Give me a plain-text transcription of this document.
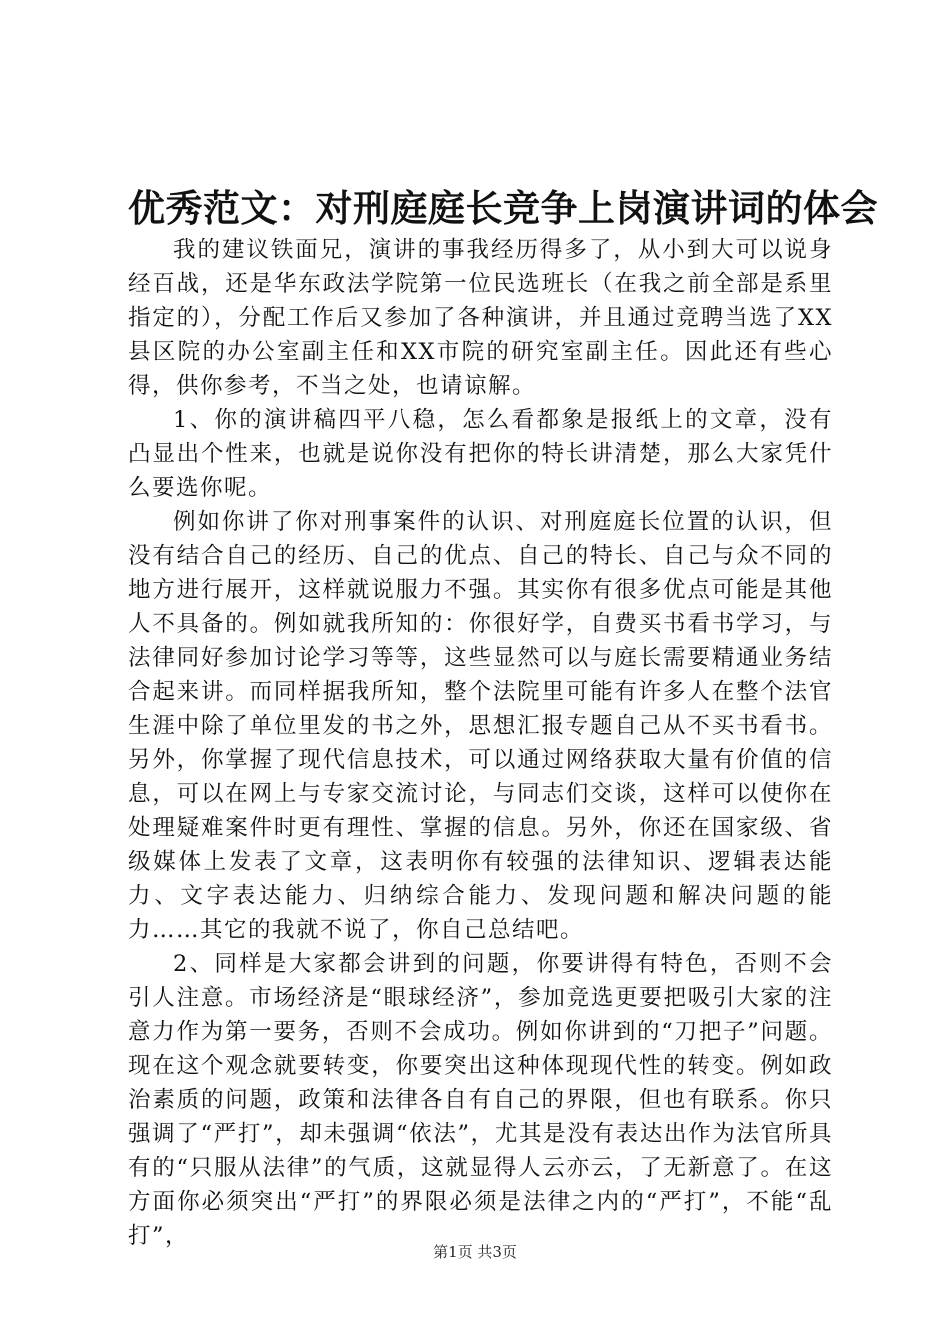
优秀范文：对刑庭庭长竞争上岗演讲词的体会

我的建议铁面兄，演讲的事我经历得多了，从小到大可以说身经百战，还是华东政法学院第一位民选班长（在我之前全部是系里指定的），分配工作后又参加了各种演讲，并且通过竞聘当选了XX县区院的办公室副主任和XX市院的研究室副主任。因此还有些心得，供你参考，不当之处，也请谅解。

1、你的演讲稿四平八稳，怎么看都象是报纸上的文章，没有凸显出个性来，也就是说你没有把你的特长讲清楚，那么大家凭什么要选你呢。

例如你讲了你对刑事案件的认识、对刑庭庭长位置的认识，但没有结合自己的经历、自己的优点、自己的特长、自己与众不同的地方进行展开，这样就说服力不强。其实你有很多优点可能是其他人不具备的。例如就我所知的：你很好学，自费买书看书学习，与法律同好参加讨论学习等等，这些显然可以与庭长需要精通业务结合起来讲。而同样据我所知，整个法院里可能有许多人在整个法官生涯中除了单位里发的书之外，思想汇报专题自己从不买书看书。另外，你掌握了现代信息技术，可以通过网络获取大量有价值的信息，可以在网上与专家交流讨论，与同志们交谈，这样可以使你在处理疑难案件时更有理性、掌握的信息。另外，你还在国家级、省级媒体上发表了文章，这表明你有较强的法律知识、逻辑表达能力、文字表达能力、归纳综合能力、发现问题和解决问题的能力……其它的我就不说了，你自己总结吧。

2、同样是大家都会讲到的问题，你要讲得有特色，否则不会引人注意。市场经济是“眼球经济”，参加竞选更要把吸引大家的注意力作为第一要务，否则不会成功。例如你讲到的“刀把子”问题。现在这个观念就要转变，你要突出这种体现现代性的转变。例如政治素质的问题，政策和法律各自有自己的界限，但也有联系。你只强调了“严打”，却未强调“依法”，尤其是没有表达出作为法官所具有的“只服从法律”的气质，这就显得人云亦云，了无新意了。在这方面你必须突出“严打”的界限必须是法律之内的“严打”，不能“乱打”，

第1页 共3页
